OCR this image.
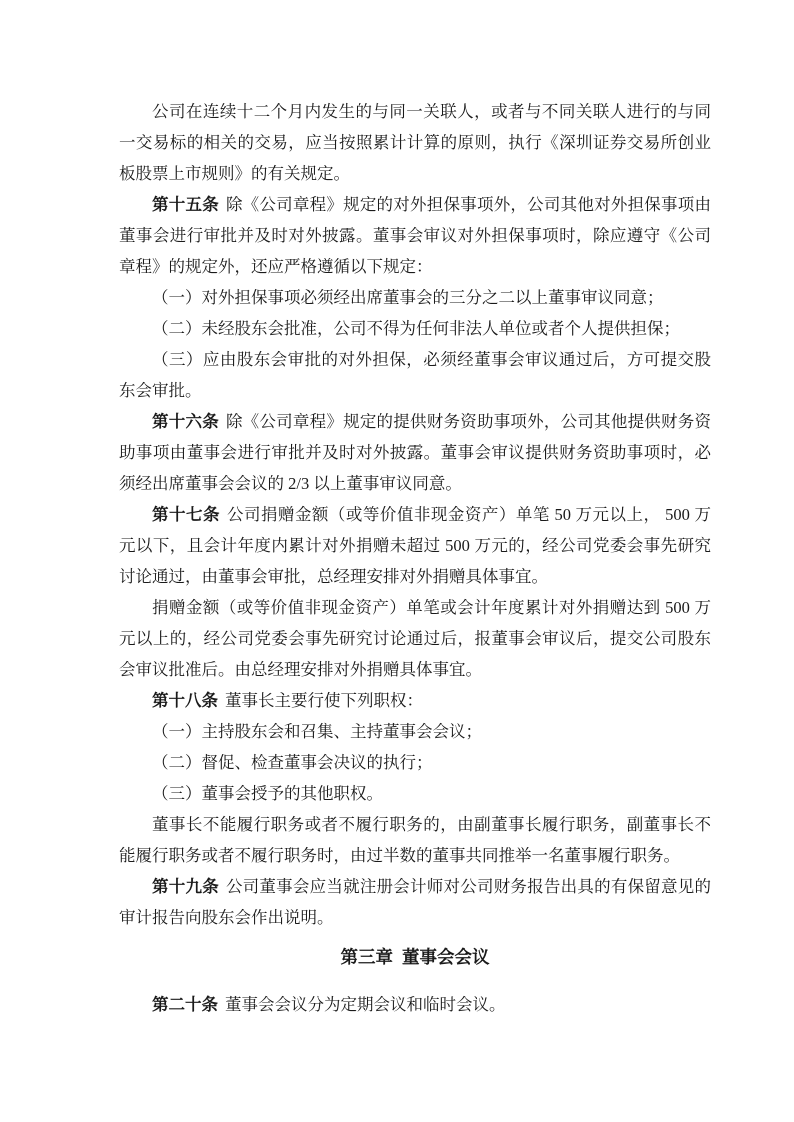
公司在连续十二个月内发生的与同一关联人，或者与不同关联人进行的与同一交易标的相关的交易，应当按照累计计算的原则，执行《深圳证券交易所创业板股票上市规则》的有关规定。

第十五条 除《公司章程》规定的对外担保事项外，公司其他对外担保事项由董事会进行审批并及时对外披露。董事会审议对外担保事项时，除应遵守《公司章程》的规定外，还应严格遵循以下规定：

（一）对外担保事项必须经出席董事会的三分之二以上董事审议同意；

（二）未经股东会批准，公司不得为任何非法人单位或者个人提供担保；

（三）应由股东会审批的对外担保，必须经董事会审议通过后，方可提交股东会审批。

第十六条 除《公司章程》规定的提供财务资助事项外，公司其他提供财务资助事项由董事会进行审批并及时对外披露。董事会审议提供财务资助事项时，必须经出席董事会会议的 2/3 以上董事审议同意。

第十七条 公司捐赠金额（或等价值非现金资产）单笔 50 万元以上， 500 万元以下，且会计年度内累计对外捐赠未超过 500 万元的，经公司党委会事先研究讨论通过，由董事会审批，总经理安排对外捐赠具体事宜。

捐赠金额（或等价值非现金资产）单笔或会计年度累计对外捐赠达到 500 万元以上的，经公司党委会事先研究讨论通过后，报董事会审议后，提交公司股东会审议批准后。由总经理安排对外捐赠具体事宜。

第十八条 董事长主要行使下列职权：

（一）主持股东会和召集、主持董事会会议；

（二）督促、检查董事会决议的执行；

（三）董事会授予的其他职权。

董事长不能履行职务或者不履行职务的，由副董事长履行职务，副董事长不能履行职务或者不履行职务时，由过半数的董事共同推举一名董事履行职务。

第十九条 公司董事会应当就注册会计师对公司财务报告出具的有保留意见的审计报告向股东会作出说明。

第三章 董事会会议

第二十条 董事会会议分为定期会议和临时会议。
